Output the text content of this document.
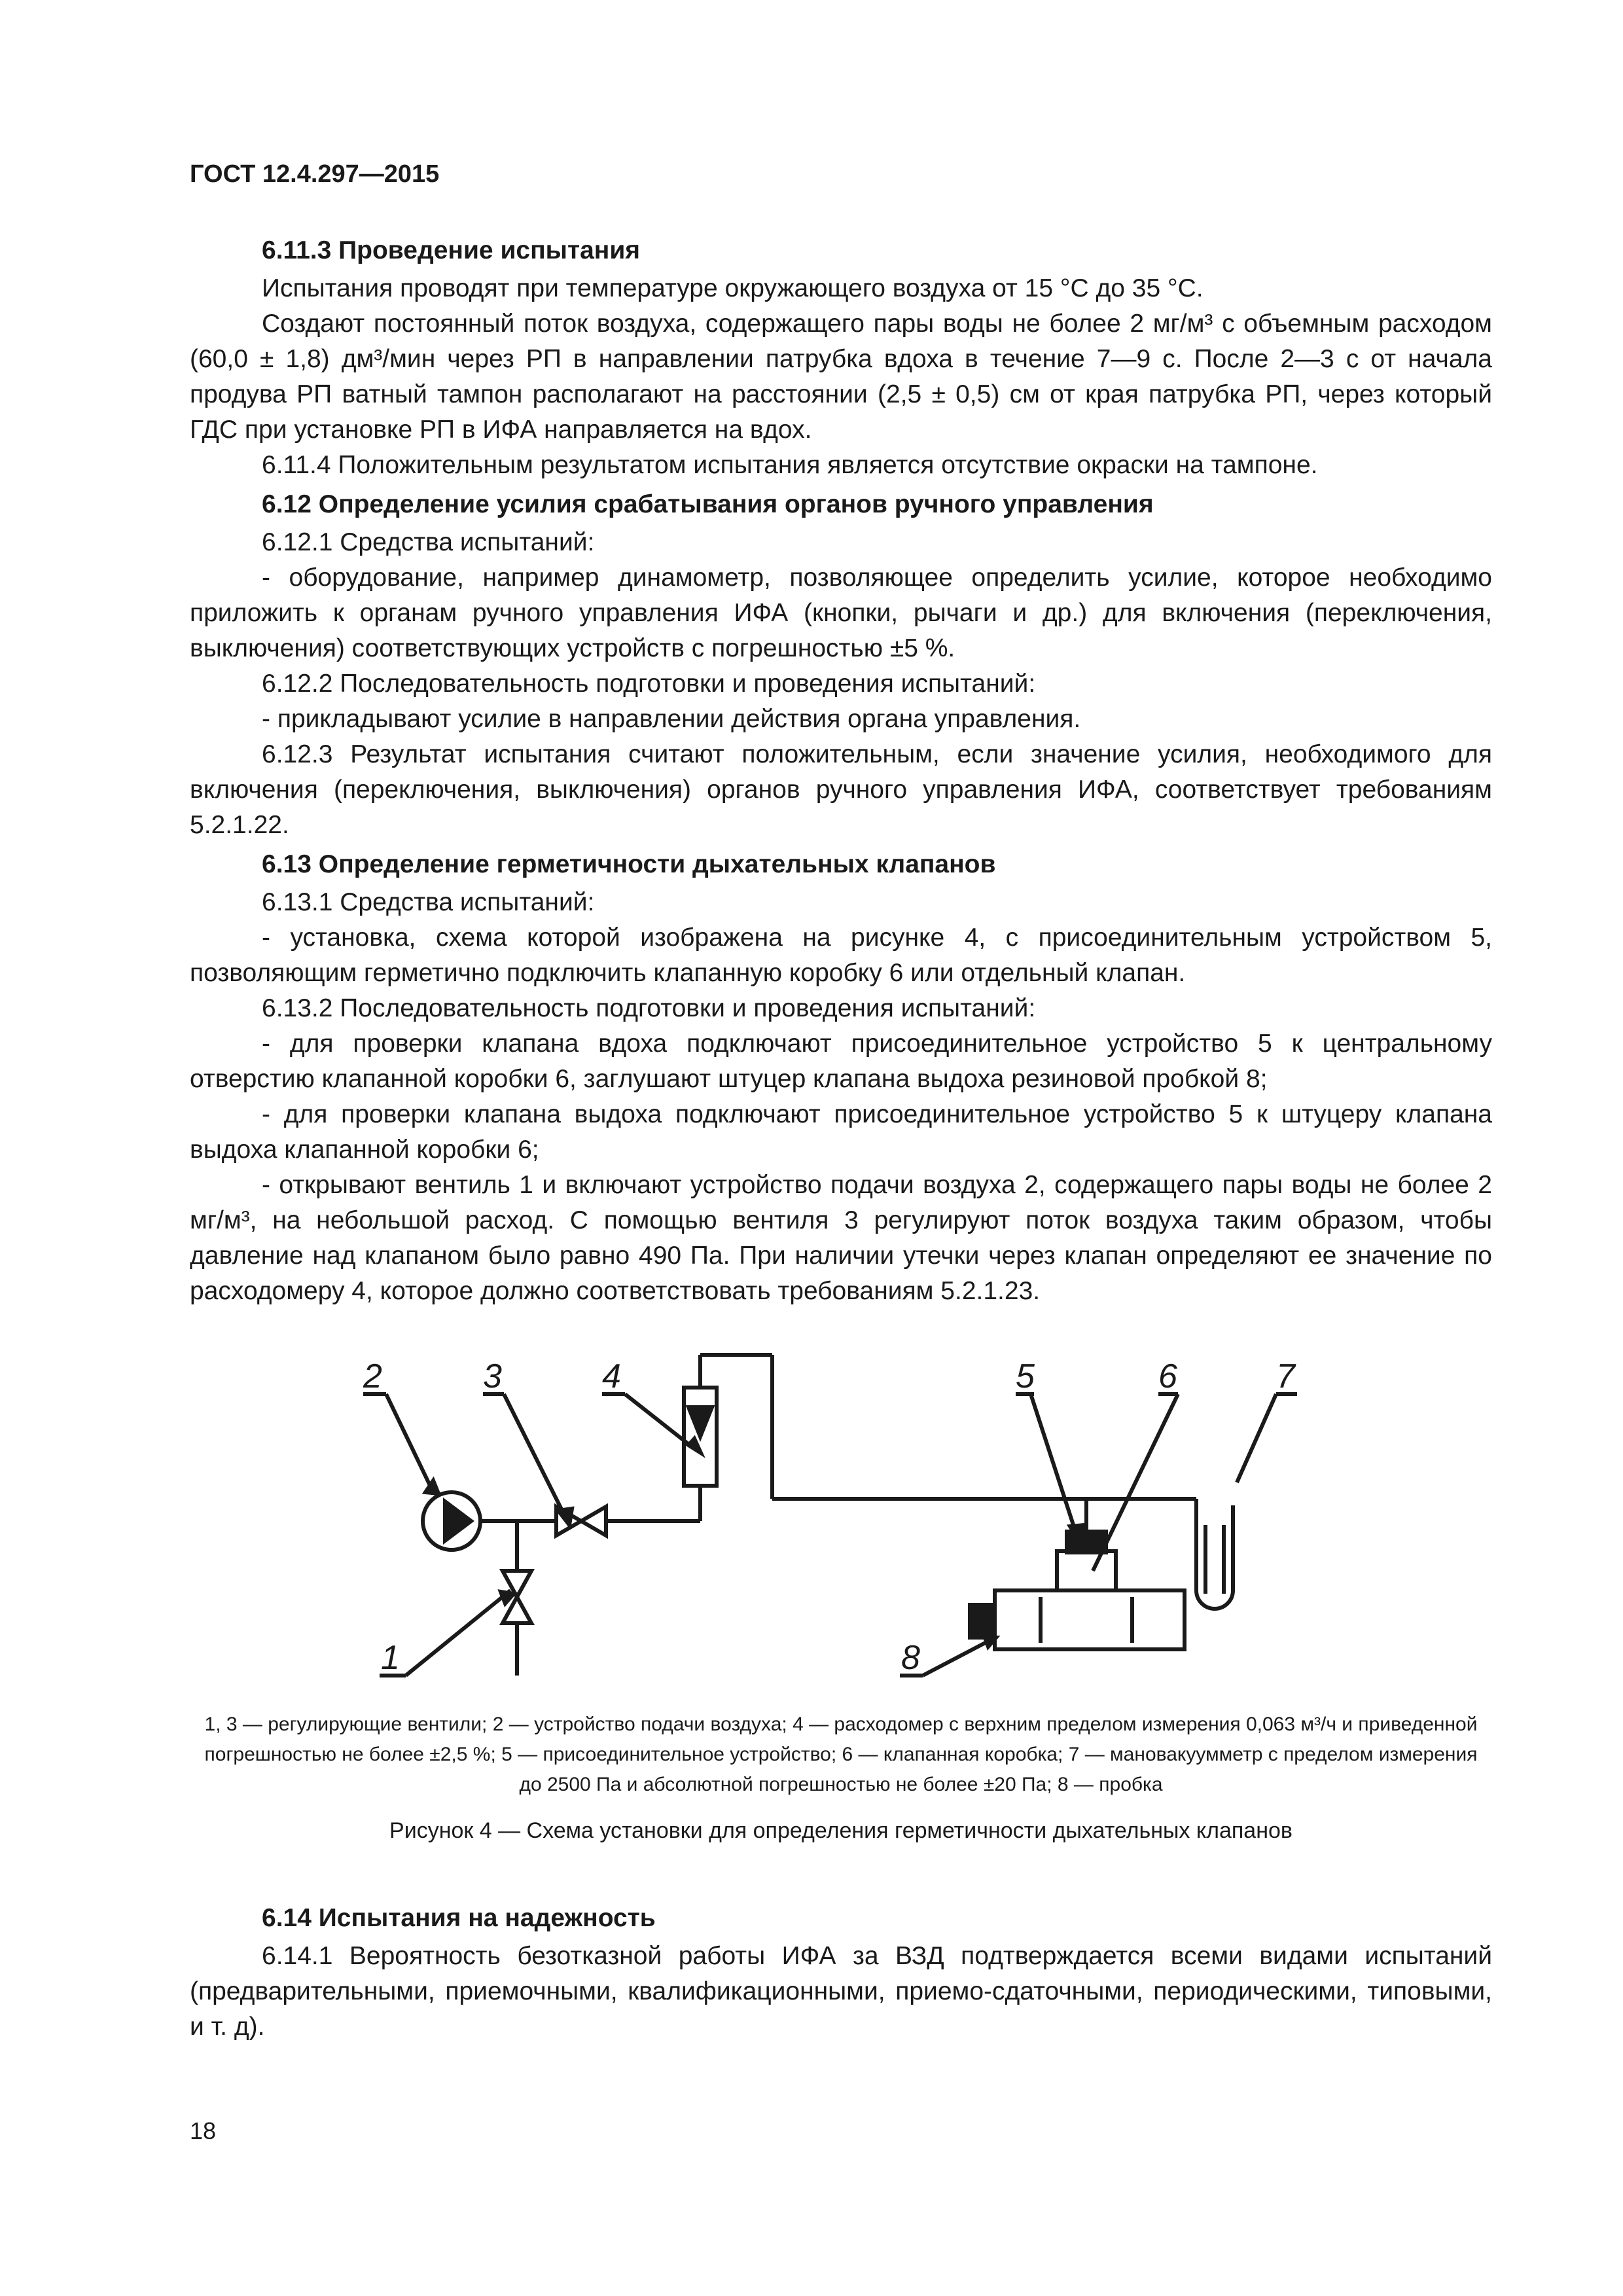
ГОСТ 12.4.297—2015
6.11.3 Проведение испытания

Испытания проводят при температуре окружающего воздуха от 15 °С до 35 °С.

Создают постоянный поток воздуха, содержащего пары воды не более 2 мг/м³ с объемным расходом (60,0 ± 1,8) дм³/мин через РП в направлении патрубка вдоха в течение 7—9 с. После 2—3 с от начала продува РП ватный тампон располагают на расстоянии (2,5 ± 0,5) см от края патрубка РП, через который ГДС при установке РП в ИФА направляется на вдох.

6.11.4 Положительным результатом испытания является отсутствие окраски на тампоне.

6.12 Определение усилия срабатывания органов ручного управления

6.12.1 Средства испытаний:

- оборудование, например динамометр, позволяющее определить усилие, которое необходимо приложить к органам ручного управления ИФА (кнопки, рычаги и др.) для включения (переключения, выключения) соответствующих устройств с погрешностью ±5 %.

6.12.2 Последовательность подготовки и проведения испытаний:

- прикладывают усилие в направлении действия органа управления.

6.12.3 Результат испытания считают положительным, если значение усилия, необходимого для включения (переключения, выключения) органов ручного управления ИФА, соответствует требованиям 5.2.1.22.

6.13 Определение герметичности дыхательных клапанов

6.13.1 Средства испытаний:

- установка, схема которой изображена на рисунке 4, с присоединительным устройством 5, позволяющим герметично подключить клапанную коробку 6 или отдельный клапан.

6.13.2 Последовательность подготовки и проведения испытаний:

- для проверки клапана вдоха подключают присоединительное устройство 5 к центральному отверстию клапанной коробки 6, заглушают штуцер клапана выдоха резиновой пробкой 8;

- для проверки клапана выдоха подключают присоединительное устройство 5 к штуцеру клапана выдоха клапанной коробки 6;

- открывают вентиль 1 и включают устройство подачи воздуха 2, содержащего пары воды не более 2 мг/м³, на небольшой расход. С помощью вентиля 3 регулируют поток воздуха таким образом, чтобы давление над клапаном было равно 490 Па. При наличии утечки через клапан определяют ее значение по расходомеру 4, которое должно соответствовать требованиям 5.2.1.23.

2	3	4	5	6	7
1	8
1, 3 — регулирующие вентили; 2 — устройство подачи воздуха; 4 — расходомер с верхним пределом измерения 0,063 м³/ч и приведенной погрешностью не более ±2,5 %; 5 — присоединительное устройство; 6 — клапанная коробка; 7 — мановакуумметр с пределом измерения до 2500 Па и абсолютной погрешностью не более ±20 Па; 8 — пробка
Рисунок 4 — Схема установки для определения герметичности дыхательных клапанов
6.14 Испытания на надежность

6.14.1 Вероятность безотказной работы ИФА за ВЗД подтверждается всеми видами испытаний (предварительными, приемочными, квалификационными, приемо-сдаточными, периодическими, типовыми, и т. д).

18
